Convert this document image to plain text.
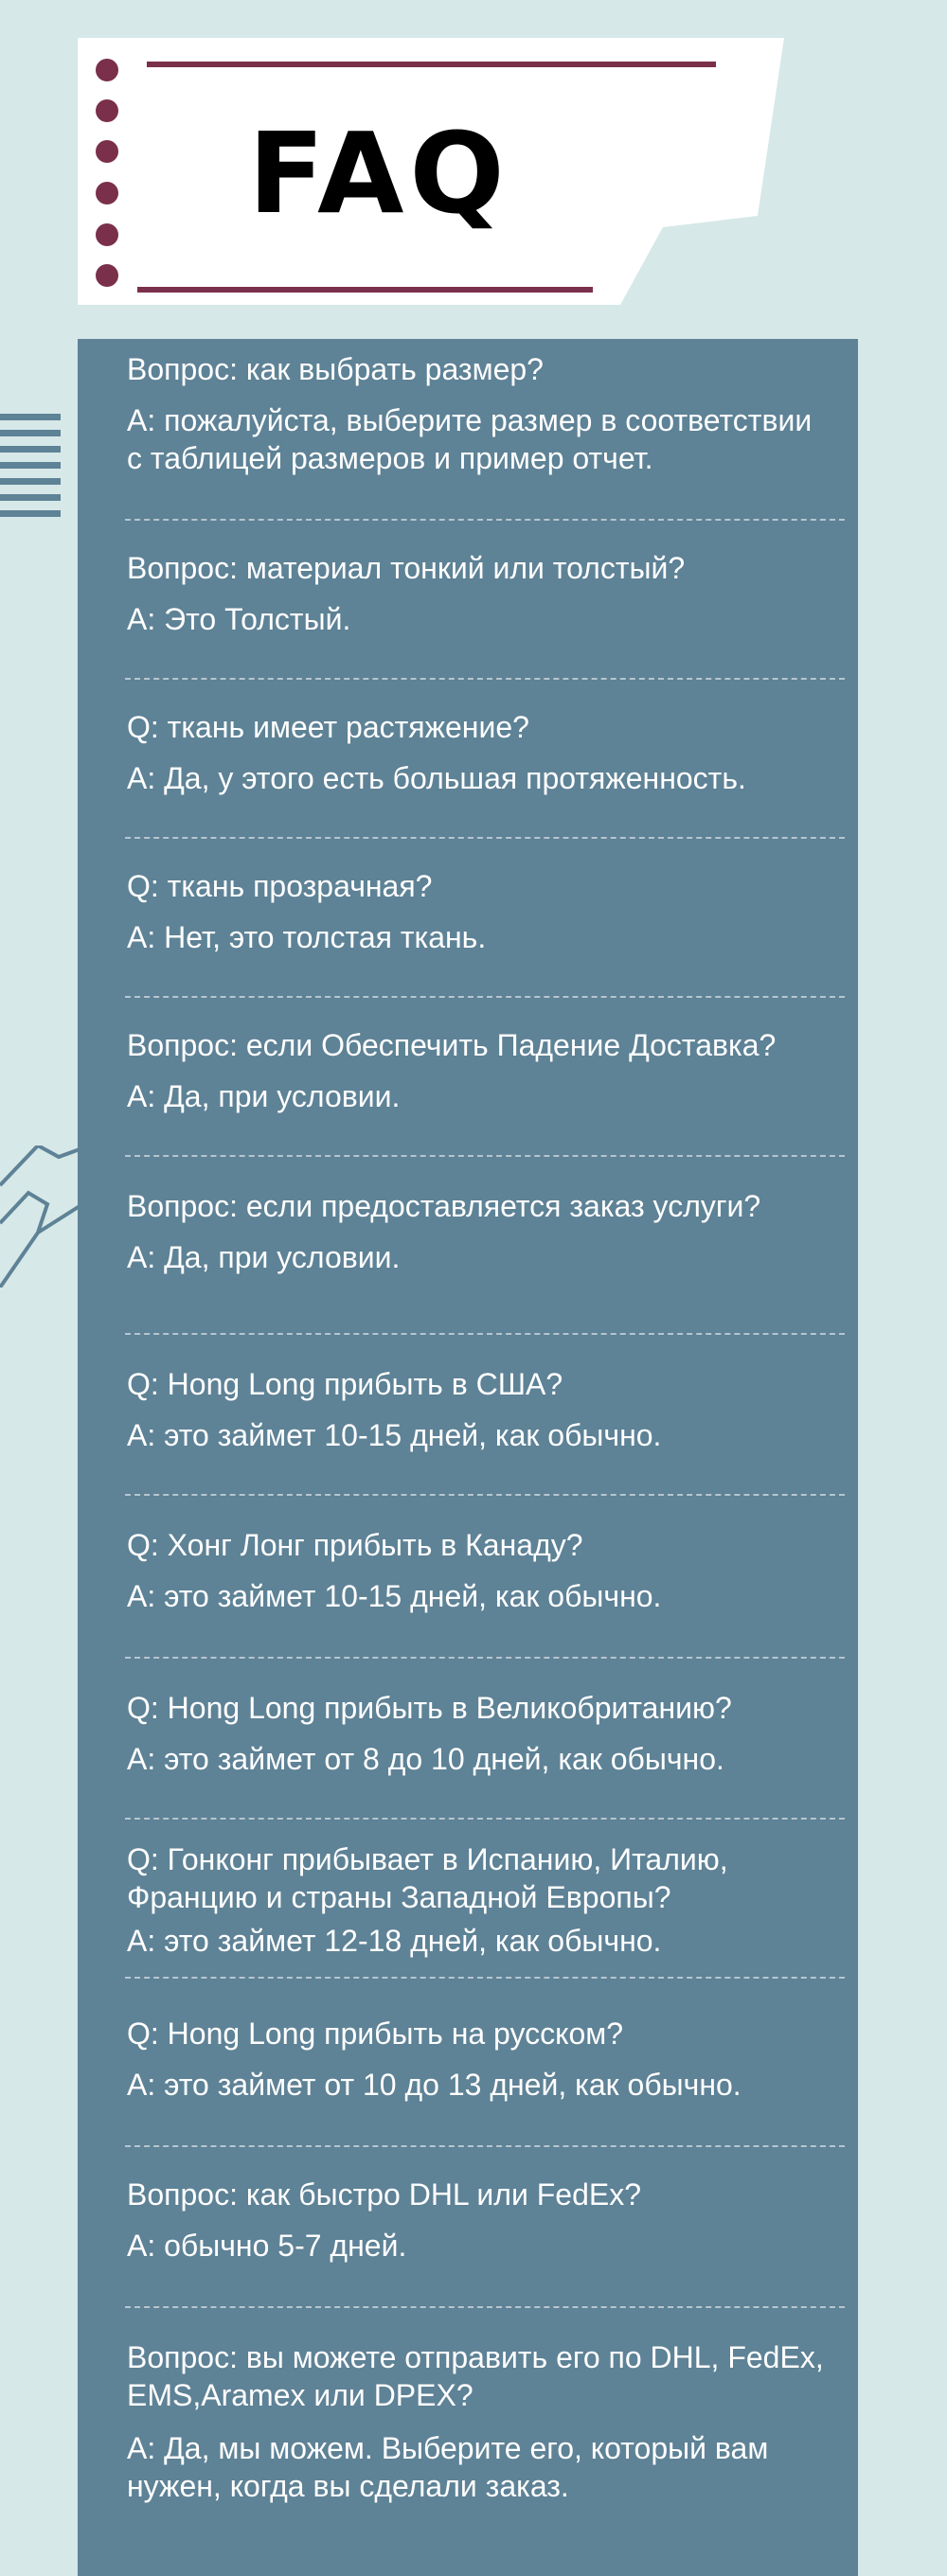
FAQ

Вопрос: как выбрать размер?

А: пожалуйста, выберите размер в соответствии с таблицей размеров и пример отчет.

Вопрос: материал тонкий или толстый?

А: Это Толстый.

Q: ткань имеет растяжение?

А: Да, у этого есть большая протяженность.

Q: ткань прозрачная?

А: Нет, это толстая ткань.

Вопрос: если Обеспечить Падение Доставка?

А: Да, при условии.

Вопрос: если предоставляется заказ услуги?

А: Да, при условии.

Q: Hong Long прибыть в США?

А: это займет 10-15 дней, как обычно.

Q: Хонг Лонг прибыть в Канаду?

А: это займет 10-15 дней, как обычно.

Q: Hong Long прибыть в Великобританию?

А: это займет от 8 до 10 дней, как обычно.

Q: Гонконг прибывает в Испанию, Италию, Францию и страны Западной Европы?

А: это займет 12-18 дней, как обычно.

Q: Hong Long прибыть на русском?

А: это займет от 10 до 13 дней, как обычно.

Вопрос: как быстро DHL или FedEx?

А: обычно 5-7 дней.

Вопрос: вы можете отправить его по DHL, FedEx, EMS,Aramex или DPEX?

А: Да, мы можем. Выберите его, который вам нужен, когда вы сделали заказ.
